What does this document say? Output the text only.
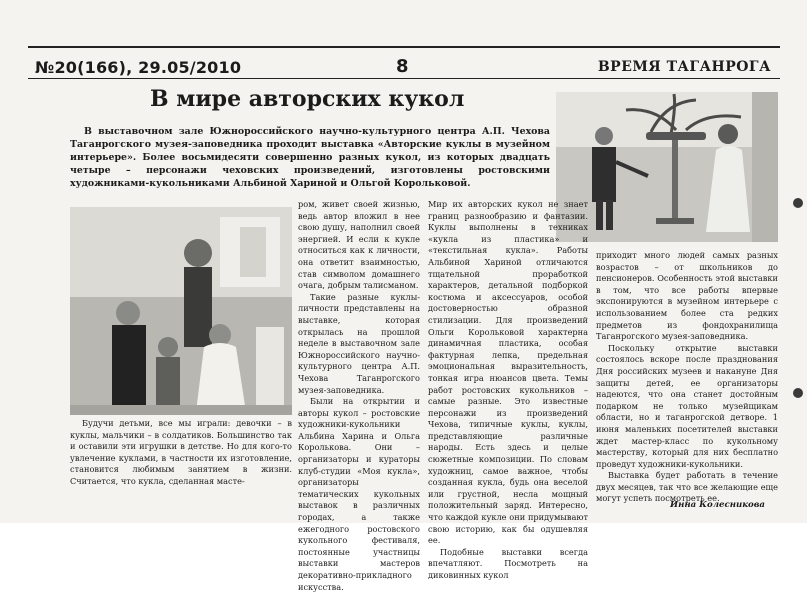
№20(166), 29.05/2010	8	ВРЕМЯ ТАГАНРОГА
В мире авторских кукол
В выставочном зале Южнороссийского научно-культурного центра А.П. Чехова Таганрогского музея-заповедника проходит выставка «Авторские куклы в музейном интерьере». Более восьмидесяти совершенно разных кукол, из которых двадцать четыре – персонажи чеховских произведений, изготовлены ростовскими художниками-кукольниками Альбиной Хариной и Ольгой Корольковой.

Будучи детьми, все мы играли: девочки – в куклы, мальчики – в солдатиков. Большинство так и оставили эти игрушки в детстве. Но для кого-то увлечение куклами, в частности их изготовление, становится любимым занятием в жизни. Считается, что кукла, сделанная масте-

ром, живет своей жизнью, ведь автор вложил в нее свою душу, наполнил своей энергией. И если к кукле относиться как к личности, она ответит взаимностью, став символом домашнего очага, добрым талисманом.

Такие разные куклы-личности представлены на выставке, которая открылась на прошлой неделе в выставочном зале Южнороссийского научно-культурного центра А.П. Чехова Таганрогского музея-заповедника.

Были на открытии и авторы кукол – ростовские художники-кукольники Альбина Харина и Ольга Королькова. Они – организаторы и кураторы клуб-студии «Моя кукла», организаторы тематических кукольных выставок в различных городах, а также ежегодного ростовского кукольного фестиваля, постоянные участницы выставки мастеров декоративно-прикладного искусства.

Мир их авторских кукол не знает границ разнообразию и фантазии. Куклы выполнены в техниках «кукла из пластика» и «текстильная кукла». Работы Альбиной Хариной отличаются тщательной проработкой характеров, детальной подборкой костюма и аксессуаров, особой достоверностью образной стилизации. Для произведений Ольги Корольковой характерна динамичная пластика, особая фактурная лепка, предельная эмоциональная выразительность, тонкая игра нюансов цвета. Темы работ ростовских кукольников – самые разные. Это известные персонажи из произведений Чехова, типичные куклы, куклы, представляющие различные народы. Есть здесь и целые сюжетные композиции. По словам художниц, самое важное, чтобы созданная кукла, будь она веселой или грустной, несла мощный положительный заряд. Интересно, что каждой кукле они придумывают свою историю, как бы одушевляя ее.

Подобные выставки всегда впечатляют. Посмотреть на диковинных кукол

приходит много людей самых разных возрастов – от школьников до пенсионеров. Особенность этой выставки в том, что все работы впервые экспонируются в музейном интерьере с использованием более ста редких предметов из фондохранилища Таганрогского музея-заповедника.

Поскольку открытие выставки состоялось вскоре после празднования Дня российских музеев и накануне Дня защиты детей, ее организаторы надеются, что она станет достойным подарком не только музейщикам области, но и таганрогской детворе. 1 июня маленьких посетителей выставки ждет мастер-класс по кукольному мастерству, который для них бесплатно проведут художники-кукольники.

Выставка будет работать в течение двух месяцев, так что все желающие еще могут успеть посмотреть ее.

Инна Колесникова
